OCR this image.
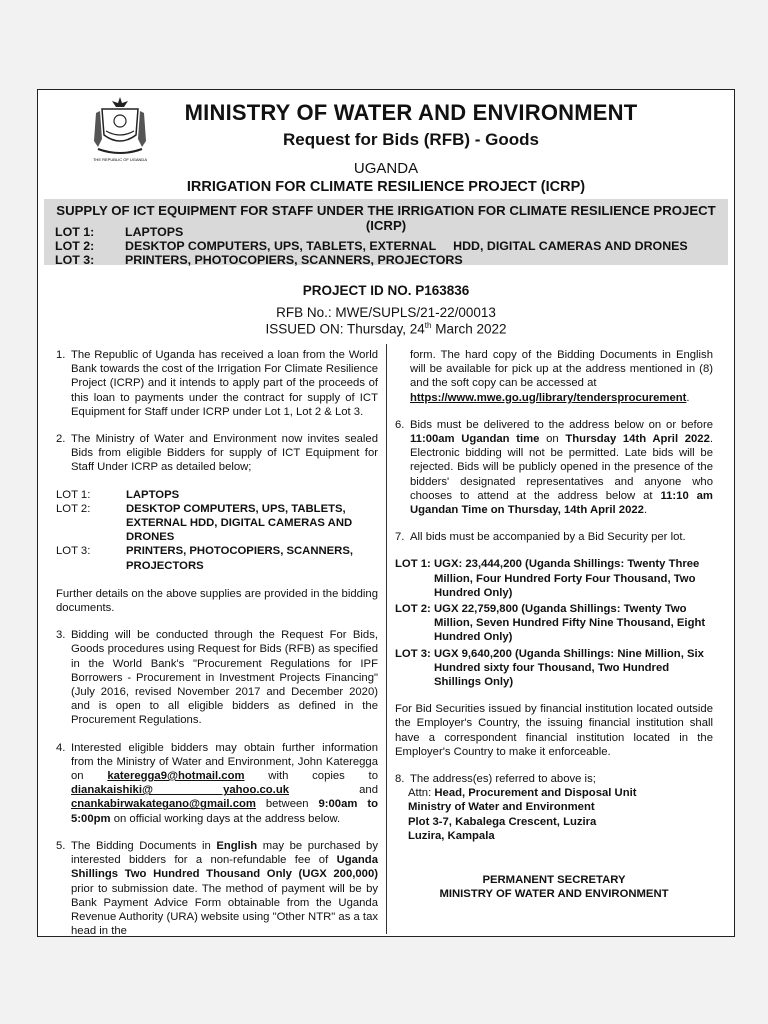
THE REPUBLIC OF UGANDA
MINISTRY OF WATER AND ENVIRONMENT
Request for Bids (RFB) - Goods
UGANDA
IRRIGATION FOR CLIMATE RESILIENCE PROJECT (ICRP)
SUPPLY OF ICT EQUIPMENT FOR STAFF UNDER THE IRRIGATION FOR CLIMATE RESILIENCE PROJECT (ICRP)
LOT 1:	LAPTOPS
LOT 2:	DESKTOP COMPUTERS, UPS, TABLETS, EXTERNAL     HDD, DIGITAL CAMERAS AND DRONES
LOT 3:	PRINTERS, PHOTOCOPIERS, SCANNERS, PROJECTORS
PROJECT ID NO. P163836
RFB No.: MWE/SUPLS/21-22/00013
ISSUED ON: Thursday, 24th March 2022
1. The Republic of Uganda has received a loan from the World Bank towards the cost of the Irrigation For Climate Resilience Project (ICRP) and it intends to apply part of the proceeds of this loan to payments under the contract for supply of ICT Equipment for Staff under ICRP under Lot 1, Lot 2 & Lot 3.
2. The Ministry of Water and Environment now invites sealed Bids from eligible Bidders for supply of ICT Equipment for Staff Under ICRP as detailed below;
LOT 1:	LAPTOPS
LOT 2:	DESKTOP COMPUTERS, UPS, TABLETS, EXTERNAL HDD, DIGITAL CAMERAS AND DRONES
LOT 3:	PRINTERS, PHOTOCOPIERS, SCANNERS, PROJECTORS
Further details on the above supplies are provided in the bidding documents.
3. Bidding will be conducted through the Request For Bids, Goods procedures using Request for Bids (RFB) as specified in the World Bank's "Procurement Regulations for IPF Borrowers - Procurement in Investment Projects Financing" (July 2016, revised November 2017 and December 2020) and is open to all eligible bidders as defined in the Procurement Regulations.
4. Interested eligible bidders may obtain further information from the Ministry of Water and Environment, John Kateregga on kateregga9@hotmail.com with copies to dianakaishiki@ yahoo.co.uk and cnankabirwakategano@gmail.com between 9:00am to 5:00pm on official working days at the address below.
5. The Bidding Documents in English may be purchased by interested bidders for a non-refundable fee of Uganda Shillings Two Hundred Thousand Only (UGX 200,000) prior to submission date. The method of payment will be by Bank Payment Advice Form obtainable from the Uganda Revenue Authority (URA) website using "Other NTR" as a tax head in the
form. The hard copy of the Bidding Documents in English will be available for pick up at the address mentioned in (8) and the soft copy can be accessed at
https://www.mwe.go.ug/library/tendersprocurement.
6. Bids must be delivered to the address below on or before 11:00am Ugandan time on Thursday 14th April 2022. Electronic bidding will not be permitted. Late bids will be rejected. Bids will be publicly opened in the presence of the bidders' designated representatives and anyone who chooses to attend at the address below at 11:10 am Ugandan Time on Thursday, 14th April 2022.
7. All bids must be accompanied by a Bid Security per lot.
LOT 1: UGX: 23,444,200 (Uganda Shillings: Twenty Three Million, Four Hundred Forty Four Thousand, Two Hundred Only)
LOT 2: UGX 22,759,800 (Uganda Shillings: Twenty Two Million, Seven Hundred Fifty Nine Thousand, Eight Hundred Only)
LOT 3: UGX 9,640,200 (Uganda Shillings: Nine Million, Six Hundred sixty four Thousand, Two Hundred Shillings Only)
For Bid Securities issued by financial institution located outside the Employer's Country, the issuing financial institution shall have a correspondent financial institution located in the Employer's Country to make it enforceable.
8. The address(es) referred to above is;
Attn: Head, Procurement and Disposal Unit
Ministry of Water and Environment
Plot 3-7, Kabalega Crescent, Luzira
Luzira, Kampala
PERMANENT SECRETARY
MINISTRY OF WATER AND ENVIRONMENT
